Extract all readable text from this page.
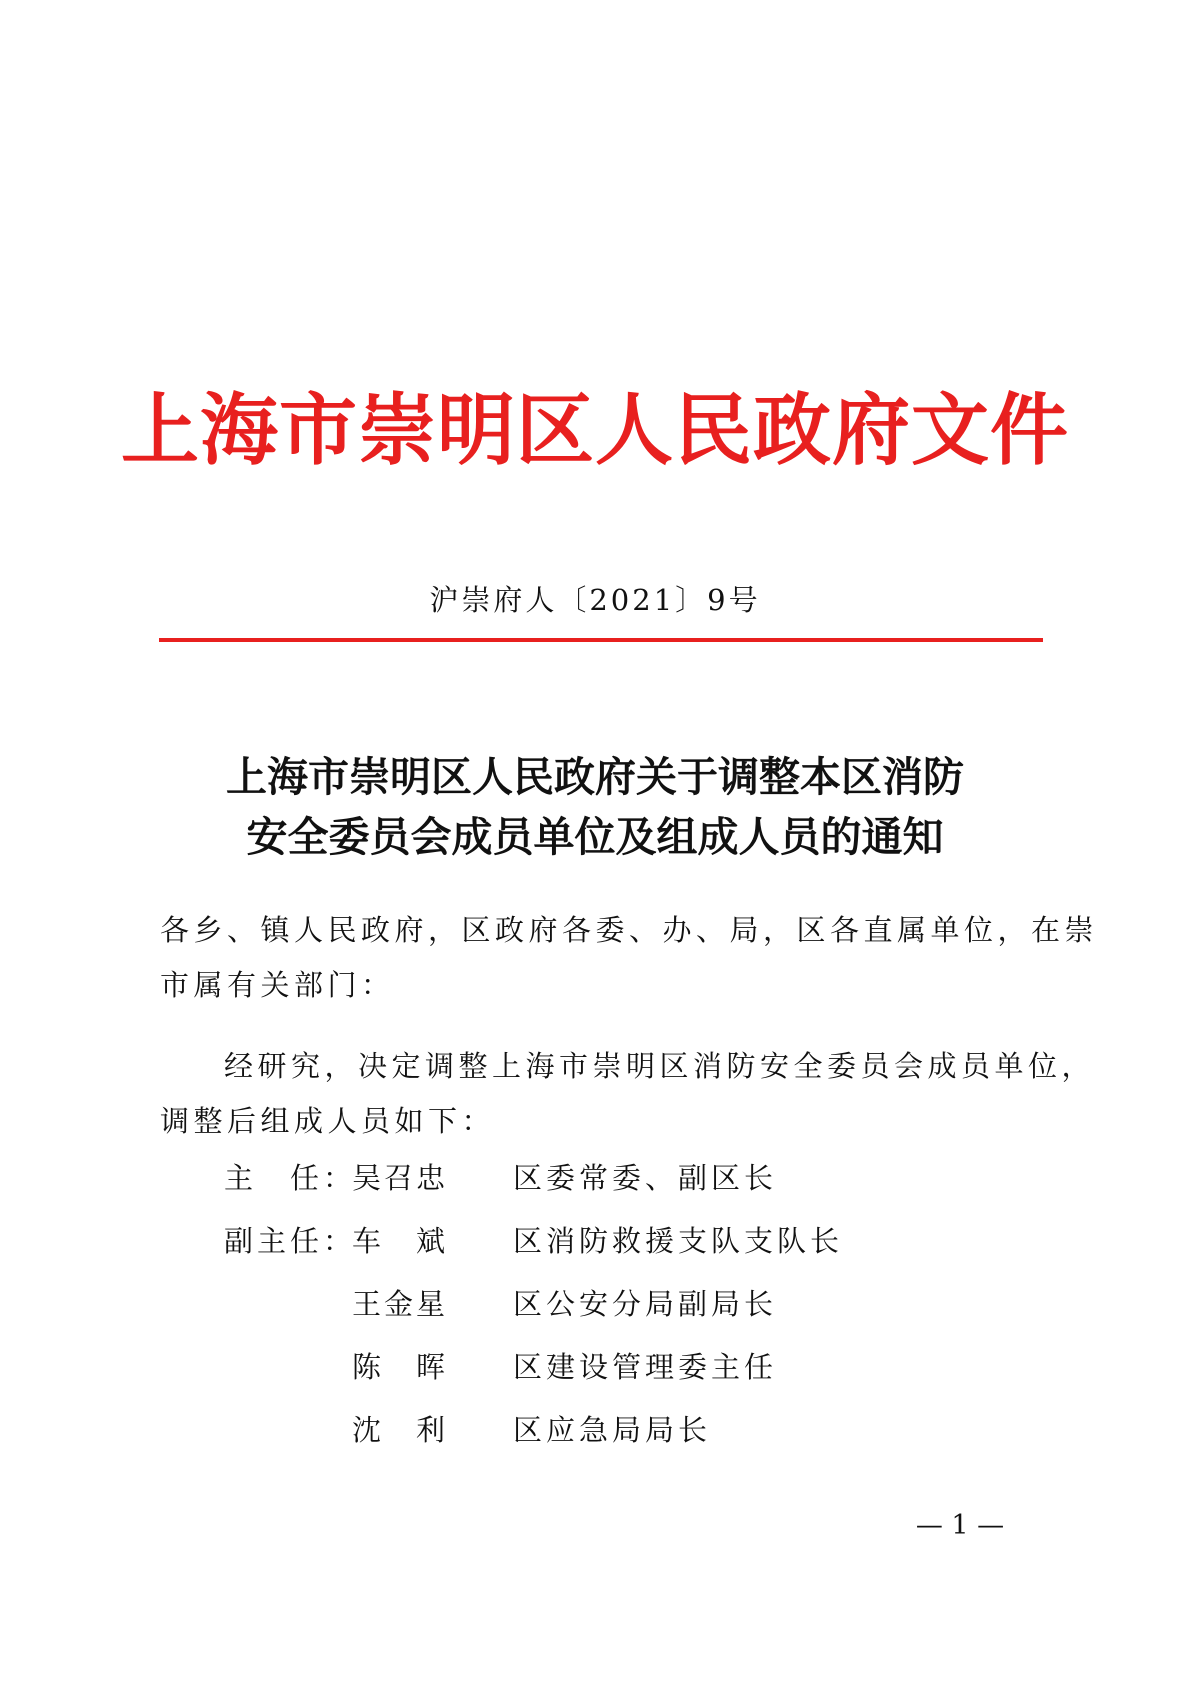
上海市崇明区人民政府文件
沪崇府人〔2021〕9号
上海市崇明区人民政府关于调整本区消防
安全委员会成员单位及组成人员的通知
各乡、镇人民政府，区政府各委、办、局，区各直属单位，在崇
市属有关部门：
经研究，决定调整上海市崇明区消防安全委员会成员单位，
调整后组成人员如下：
主　任：
吴召忠 区委常委、副区长
副主任：
车　斌 区消防救援支队支队长
王金星 区公安分局副局长
陈　晖 区建设管理委主任
沈　利 区应急局局长
— 1 —
